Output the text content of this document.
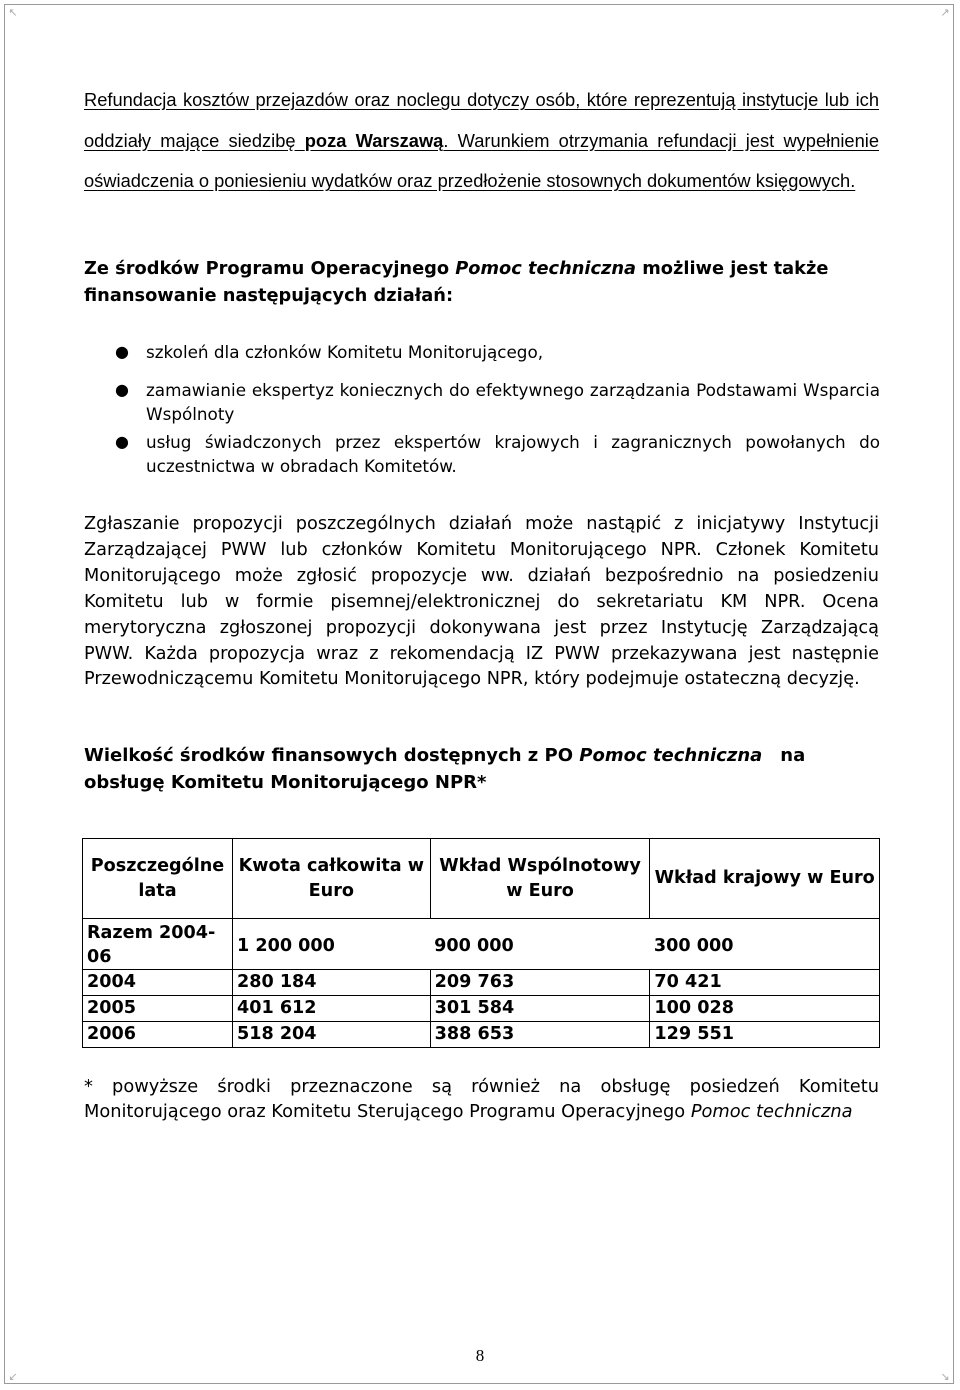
↖	↗
↙	↘

Refundacja kosztów przejazdów oraz noclegu dotyczy osób, które reprezentują instytucje lub ich oddziały mające siedzibę poza Warszawą. Warunkiem otrzymania refundacji jest wypełnienie oświadczenia o poniesieniu wydatków oraz przedłożenie stosownych dokumentów księgowych.

Ze środków Programu Operacyjnego Pomoc techniczna możliwe jest także finansowanie następujących działań:

● szkoleń dla członków Komitetu Monitorującego,
● zamawianie ekspertyz koniecznych do efektywnego zarządzania Podstawami Wsparcia Wspólnoty
● usług świadczonych przez ekspertów krajowych i zagranicznych powołanych do uczestnictwa w obradach Komitetów.

Zgłaszanie propozycji poszczególnych działań może nastąpić z inicjatywy Instytucji Zarządzającej PWW lub członków Komitetu Monitorującego NPR. Członek Komitetu Monitorującego może zgłosić propozycje ww. działań bezpośrednio na posiedzeniu Komitetu lub w formie pisemnej/elektronicznej do sekretariatu KM NPR. Ocena merytoryczna zgłoszonej propozycji dokonywana jest przez Instytucję Zarządzającą PWW. Każda propozycja wraz z rekomendacją IZ PWW przekazywana jest następnie Przewodniczącemu Komitetu Monitorującego NPR, który podejmuje ostateczną decyzję.

Wielkość środków finansowych dostępnych z PO Pomoc techniczna na obsługę Komitetu Monitorującego NPR*

Poszczególne lata	Kwota całkowita w Euro	Wkład Wspólnotowy w Euro	Wkład krajowy w Euro
Razem 2004-06	1 200 000	900 000	300 000
2004	280 184	209 763	70 421
2005	401 612	301 584	100 028
2006	518 204	388 653	129 551

* powyższe środki przeznaczone są również na obsługę posiedzeń Komitetu Monitorującego oraz Komitetu Sterującego Programu Operacyjnego Pomoc techniczna

8
